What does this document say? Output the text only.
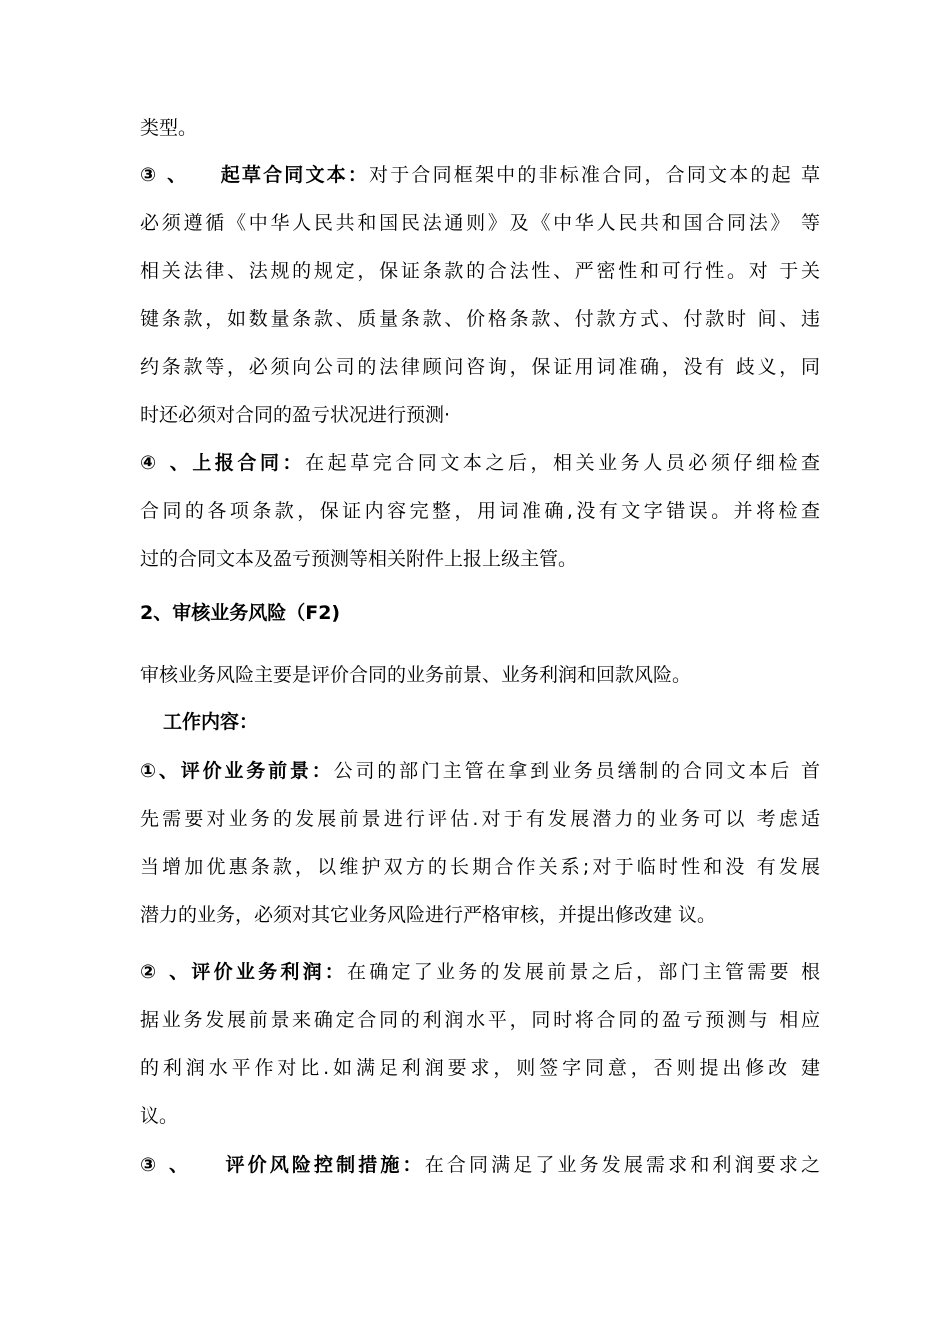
类型。
③ 、 起草合同文本：对于合同框架中的非标准合同，合同文本的起 草
必须遵循《中华人民共和国民法通则》及《中华人民共和国合同法》 等
相关法律、法规的规定，保证条款的合法性、严密性和可行性。对 于关
键条款，如数量条款、质量条款、价格条款、付款方式、付款时 间、违
约条款等，必须向公司的法律顾问咨询，保证用词准确，没有 歧义，同
时还必须对合同的盈亏状况进行预测·
④ 、上报合同：在起草完合同文本之后，相关业务人员必须仔细检查
合同的各项条款，保证内容完整，用词准确,没有文字错误。并将检查
过的合同文本及盈亏预测等相关附件上报上级主管。
2、审核业务风险（F2)
审核业务风险主要是评价合同的业务前景、业务利润和回款风险。
工作内容：
①、评价业务前景：公司的部门主管在拿到业务员缮制的合同文本后 首
先需要对业务的发展前景进行评估.对于有发展潜力的业务可以 考虑适
当增加优惠条款，以维护双方的长期合作关系;对于临时性和没 有发展
潜力的业务，必须对其它业务风险进行严格审核，并提出修改建 议。
② 、评价业务利润：在确定了业务的发展前景之后，部门主管需要 根
据业务发展前景来确定合同的利润水平，同时将合同的盈亏预测与 相应
的利润水平作对比.如满足利润要求，则签字同意，否则提出修改 建
议。
③ 、 评价风险控制措施：在合同满足了业务发展需求和利润要求之
